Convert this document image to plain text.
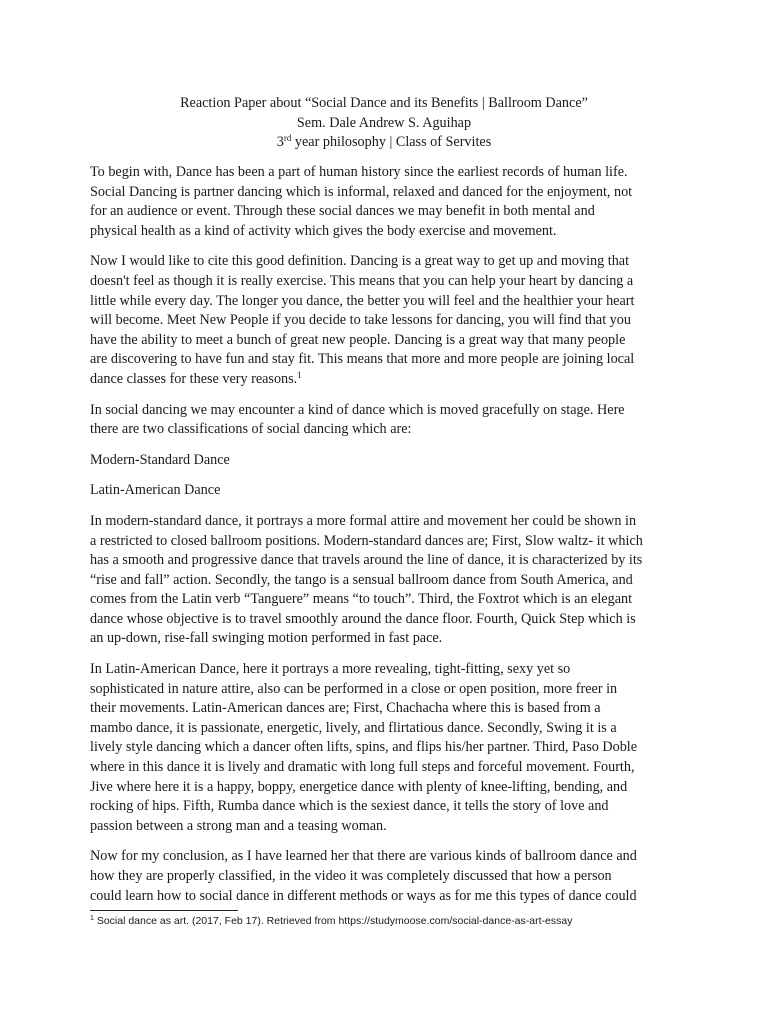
Reaction Paper about “Social Dance and its Benefits | Ballroom Dance”
Sem. Dale Andrew S. Aguihap
3rd year philosophy | Class of Servites
To begin with, Dance has been a part of human history since the earliest records of human life.
Social Dancing is partner dancing which is informal, relaxed and danced for the enjoyment, not
for an audience or event. Through these social dances we may benefit in both mental and
physical health as a kind of activity which gives the body exercise and movement.
Now I would like to cite this good definition. Dancing is a great way to get up and moving that
doesn't feel as though it is really exercise. This means that you can help your heart by dancing a
little while every day. The longer you dance, the better you will feel and the healthier your heart
will become. Meet New People if you decide to take lessons for dancing, you will find that you
have the ability to meet a bunch of great new people. Dancing is a great way that many people
are discovering to have fun and stay fit. This means that more and more people are joining local
dance classes for these very reasons.$^1$
In social dancing we may encounter a kind of dance which is moved gracefully on stage. Here
there are two classifications of social dancing which are:
Modern-Standard Dance
Latin-American Dance
In modern-standard dance, it portrays a more formal attire and movement her could be shown in
a restricted to closed ballroom positions. Modern-standard dances are; First, Slow waltz- it which
has a smooth and progressive dance that travels around the line of dance, it is characterized by its
“rise and fall” action. Secondly, the tango is a sensual ballroom dance from South America, and
comes from the Latin verb “Tanguere” means “to touch”. Third, the Foxtrot which is an elegant
dance whose objective is to travel smoothly around the dance floor. Fourth, Quick Step which is
an up-down, rise-fall swinging motion performed in fast pace.
In Latin-American Dance, here it portrays a more revealing, tight-fitting, sexy yet so
sophisticated in nature attire, also can be performed in a close or open position, more freer in
their movements. Latin-American dances are; First, Chachacha where this is based from a
mambo dance, it is passionate, energetic, lively, and flirtatious dance. Secondly, Swing it is a
lively style dancing which a dancer often lifts, spins, and flips his/her partner. Third, Paso Doble
where in this dance it is lively and dramatic with long full steps and forceful movement. Fourth,
Jive where here it is a happy, boppy, energetice dance with plenty of knee-lifting, bending, and
rocking of hips. Fifth, Rumba dance which is the sexiest dance, it tells the story of love and
passion between a strong man and a teasing woman.
Now for my conclusion, as I have learned her that there are various kinds of ballroom dance and
how they are properly classified, in the video it was completely discussed that how a person
could learn how to social dance in different methods or ways as for me this types of dance could
$^1$ Social dance as art. (2017, Feb 17). Retrieved from https://studymoose.com/social-dance-as-art-essay
